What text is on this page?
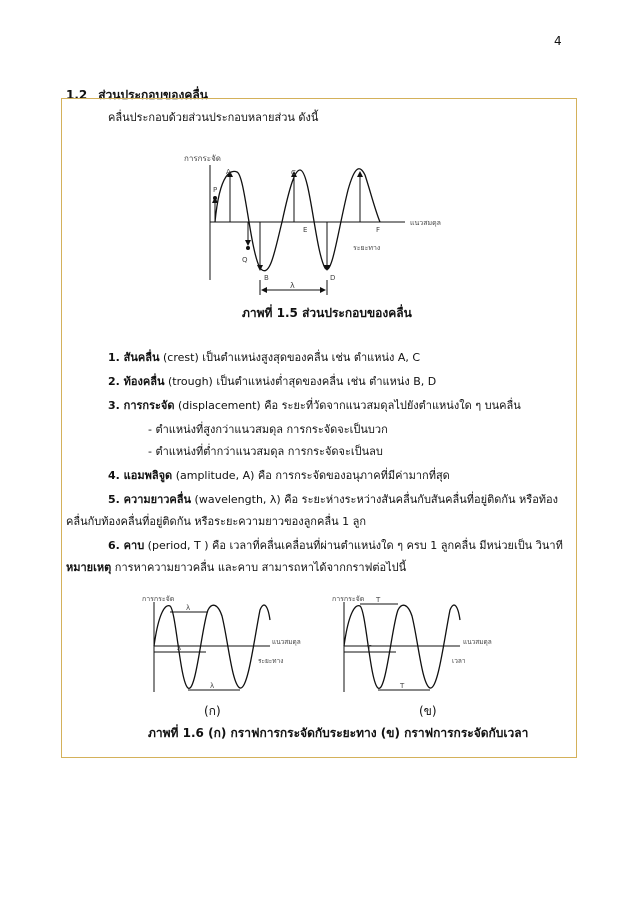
4
1.2 ส่วนประกอบของคลื่น
คลื่นประกอบด้วยส่วนประกอบหลายส่วน ดังนี้
การกระจัด
แนวสมดุล
A
P
Q
B
C
D
E	F
ระยะทาง
λ
ภาพที่ 1.5 ส่วนประกอบของคลื่น
1. สันคลื่น (crest) เป็นตำแหน่งสูงสุดของคลื่น เช่น ตำแหน่ง A, C
2. ท้องคลื่น (trough) เป็นตำแหน่งต่ำสุดของคลื่น เช่น ตำแหน่ง B, D
3. การกระจัด (displacement) คือ ระยะที่วัดจากแนวสมดุลไปยังตำแหน่งใด ๆ บนคลื่น
- ตำแหน่งที่สูงกว่าแนวสมดุล การกระจัดจะเป็นบวก
- ตำแหน่งที่ต่ำกว่าแนวสมดุล การกระจัดจะเป็นลบ
4. แอมพลิจูด (amplitude, A) คือ การกระจัดของอนุภาคที่มีค่ามากที่สุด
5. ความยาวคลื่น (wavelength, λ) คือ ระยะห่างระหว่างสันคลื่นกับสันคลื่นที่อยู่ติดกัน หรือท้อง
คลื่นกับท้องคลื่นที่อยู่ติดกัน หรือระยะความยาวของลูกคลื่น 1 ลูก
6. คาบ (period, T ) คือ เวลาที่คลื่นเคลื่อนที่ผ่านตำแหน่งใด ๆ ครบ 1 ลูกคลื่น มีหน่วยเป็น วินาที
หมายเหตุ การหาความยาวคลื่น และคาบ สามารถหาได้จากกราฟต่อไปนี้
การกระจัด
แนวสมดุล
ระยะทาง
λ
λ
λ
การกระจัด
แนวสมดุล
เวลา
T
T
T
(ก)	(ข)
ภาพที่ 1.6 (ก) กราฟการกระจัดกับระยะทาง (ข) กราฟการกระจัดกับเวลา
